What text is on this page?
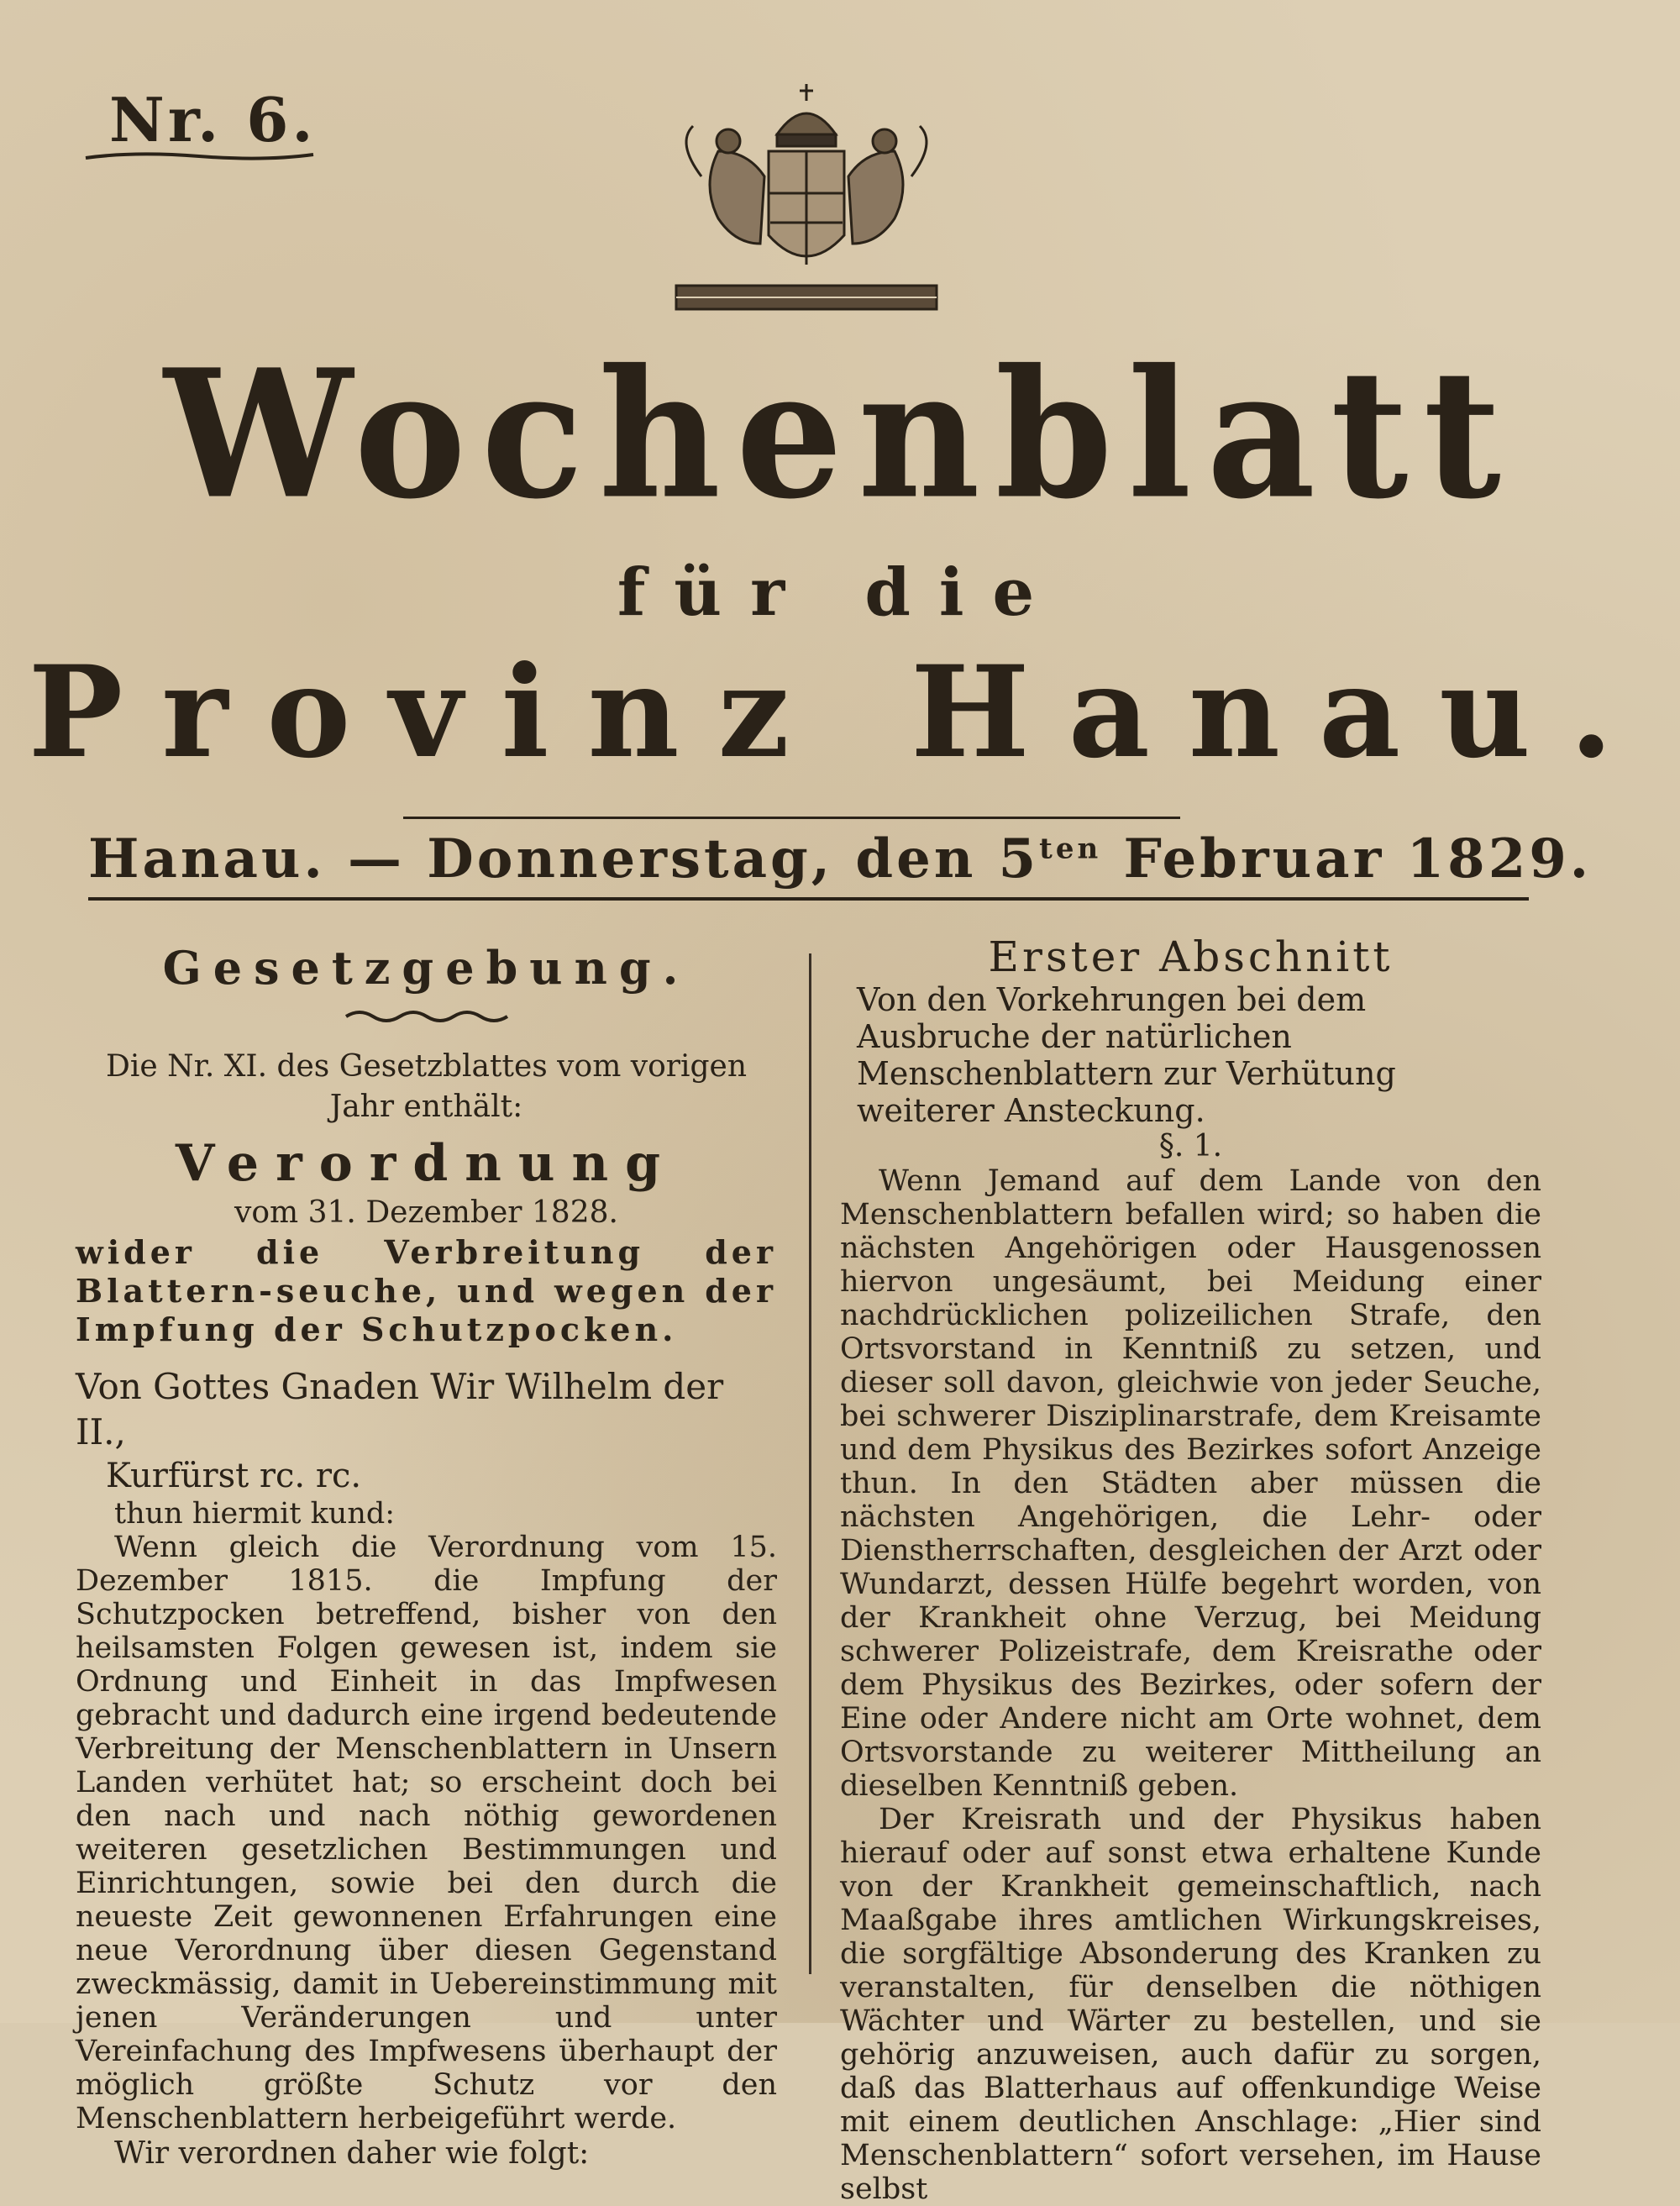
Nr. 6.
Wochenblatt
für die
Provinz Hanau.
Hanau. — Donnerstag, den $5^{ten}$ Februar 1829.
Gesetzgebung.

Die Nr. XI. des Gesetzblattes vom vorigen Jahr enthält:

Verordnung

vom 31. Dezember 1828.

wider die Verbreitung der Blattern-seuche, und wegen der Impfung der Schutzpocken.

Von Gottes Gnaden Wir Wilhelm der II.,

Kurfürst rc. rc.

thun hiermit kund:

Wenn gleich die Verordnung vom 15. Dezember 1815. die Impfung der Schutzpocken betreffend, bisher von den heilsamsten Folgen gewesen ist, indem sie Ordnung und Einheit in das Impfwesen gebracht und dadurch eine irgend bedeutende Verbreitung der Menschenblattern in Unsern Landen verhütet hat; so erscheint doch bei den nach und nach nöthig gewordenen weiteren gesetzlichen Bestimmungen und Einrichtungen, sowie bei den durch die neueste Zeit gewonnenen Erfahrungen eine neue Verordnung über diesen Gegenstand zweckmässig, damit in Uebereinstimmung mit jenen Veränderungen und unter Vereinfachung des Impfwesens überhaupt der möglich größte Schutz vor den Menschenblattern herbeigeführt werde.

Wir verordnen daher wie folgt:

Erster Abschnitt

Von den Vorkehrungen bei dem Ausbruche der natürlichen Menschenblattern zur Verhütung weiterer Ansteckung.

§. 1.

Wenn Jemand auf dem Lande von den Menschenblattern befallen wird; so haben die nächsten Angehörigen oder Hausgenossen hiervon ungesäumt, bei Meidung einer nachdrücklichen polizeilichen Strafe, den Ortsvorstand in Kenntniß zu setzen, und dieser soll davon, gleichwie von jeder Seuche, bei schwerer Disziplinarstrafe, dem Kreisamte und dem Physikus des Bezirkes sofort Anzeige thun. In den Städten aber müssen die nächsten Angehörigen, die Lehr- oder Dienstherrschaften, desgleichen der Arzt oder Wundarzt, dessen Hülfe begehrt worden, von der Krankheit ohne Verzug, bei Meidung schwerer Polizeistrafe, dem Kreisrathe oder dem Physikus des Bezirkes, oder sofern der Eine oder Andere nicht am Orte wohnet, dem Ortsvorstande zu weiterer Mittheilung an dieselben Kenntniß geben.

Der Kreisrath und der Physikus haben hierauf oder auf sonst etwa erhaltene Kunde von der Krankheit gemeinschaftlich, nach Maaßgabe ihres amtlichen Wirkungskreises, die sorgfältige Absonderung des Kranken zu veranstalten, für denselben die nöthigen Wächter und Wärter zu bestellen, und sie gehörig anzuweisen, auch dafür zu sorgen, daß das Blatterhaus auf offenkundige Weise mit einem deutlichen Anschlage: „Hier sind Menschenblattern“ sofort versehen, im Hause selbst
